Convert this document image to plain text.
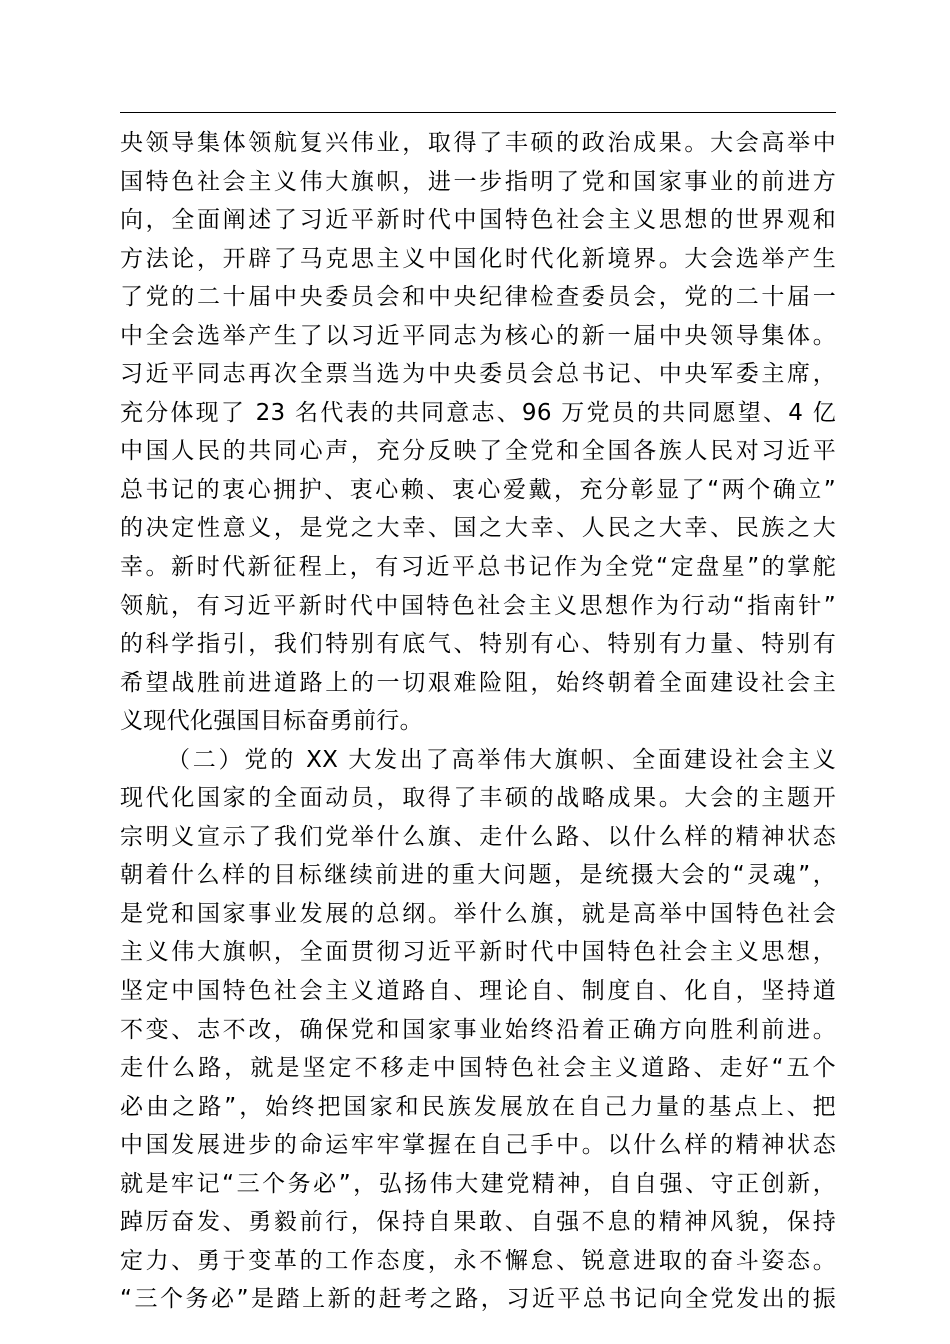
央领导集体领航复兴伟业，取得了丰硕的政治成果。大会高举中
国特色社会主义伟大旗帜，进一步指明了党和国家事业的前进方
向，全面阐述了习近平新时代中国特色社会主义思想的世界观和
方法论，开辟了马克思主义中国化时代化新境界。大会选举产生
了党的二十届中央委员会和中央纪律检查委员会，党的二十届一
中全会选举产生了以习近平同志为核心的新一届中央领导集体。
习近平同志再次全票当选为中央委员会总书记、中央军委主席，
充分体现了 23 名代表的共同意志、96 万党员的共同愿望、4 亿
中国人民的共同心声，充分反映了全党和全国各族人民对习近平
总书记的衷心拥护、衷心赖、衷心爱戴，充分彰显了“两个确立”
的决定性意义，是党之大幸、国之大幸、人民之大幸、民族之大
幸。新时代新征程上，有习近平总书记作为全党“定盘星”的掌舵
领航，有习近平新时代中国特色社会主义思想作为行动“指南针”
的科学指引，我们特别有底气、特别有心、特别有力量、特别有
希望战胜前进道路上的一切艰难险阻，始终朝着全面建设社会主
义现代化强国目标奋勇前行。
（二）党的 XX 大发出了高举伟大旗帜、全面建设社会主义
现代化国家的全面动员，取得了丰硕的战略成果。大会的主题开
宗明义宣示了我们党举什么旗、走什么路、以什么样的精神状态
朝着什么样的目标继续前进的重大问题，是统摄大会的“灵魂”，
是党和国家事业发展的总纲。举什么旗，就是高举中国特色社会
主义伟大旗帜，全面贯彻习近平新时代中国特色社会主义思想，
坚定中国特色社会主义道路自、理论自、制度自、化自，坚持道
不变、志不改，确保党和国家事业始终沿着正确方向胜利前进。
走什么路，就是坚定不移走中国特色社会主义道路、走好“五个
必由之路”，始终把国家和民族发展放在自己力量的基点上、把
中国发展进步的命运牢牢掌握在自己手中。以什么样的精神状态
就是牢记“三个务必”，弘扬伟大建党精神，自自强、守正创新，
踔厉奋发、勇毅前行，保持自果敢、自强不息的精神风貌，保持
定力、勇于变革的工作态度，永不懈怠、锐意进取的奋斗姿态。
“三个务必”是踏上新的赶考之路，习近平总书记向全党发出的振
